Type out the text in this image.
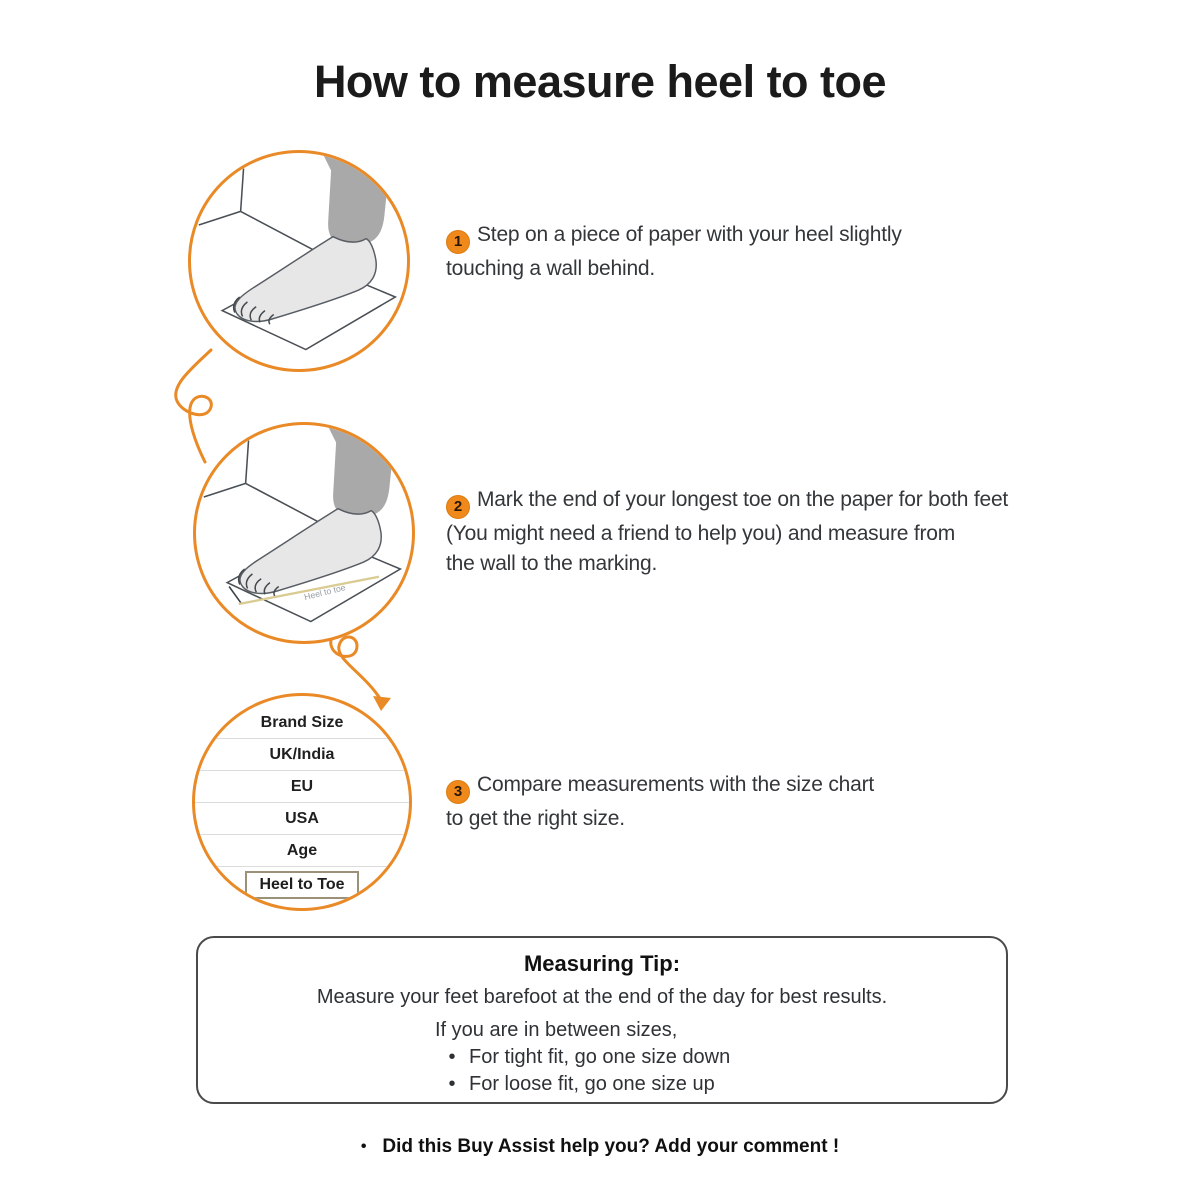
How to measure heel to toe
Heel to toe
Brand Size
UK/India
EU
USA
Age
Heel to Toe
1 Step on a piece of paper with your heel slightly
touching a wall behind.
2 Mark the end of your longest toe on the paper for both feet
(You might need a friend to help you) and measure from
the wall to the marking.
3 Compare measurements with the size chart
to get the right size.
Measuring Tip:
Measure your feet barefoot at the end of the day for best results.
If you are in between sizes,
• For tight fit, go one size down
• For loose fit, go one size up
• Did this Buy Assist help you? Add your comment !
